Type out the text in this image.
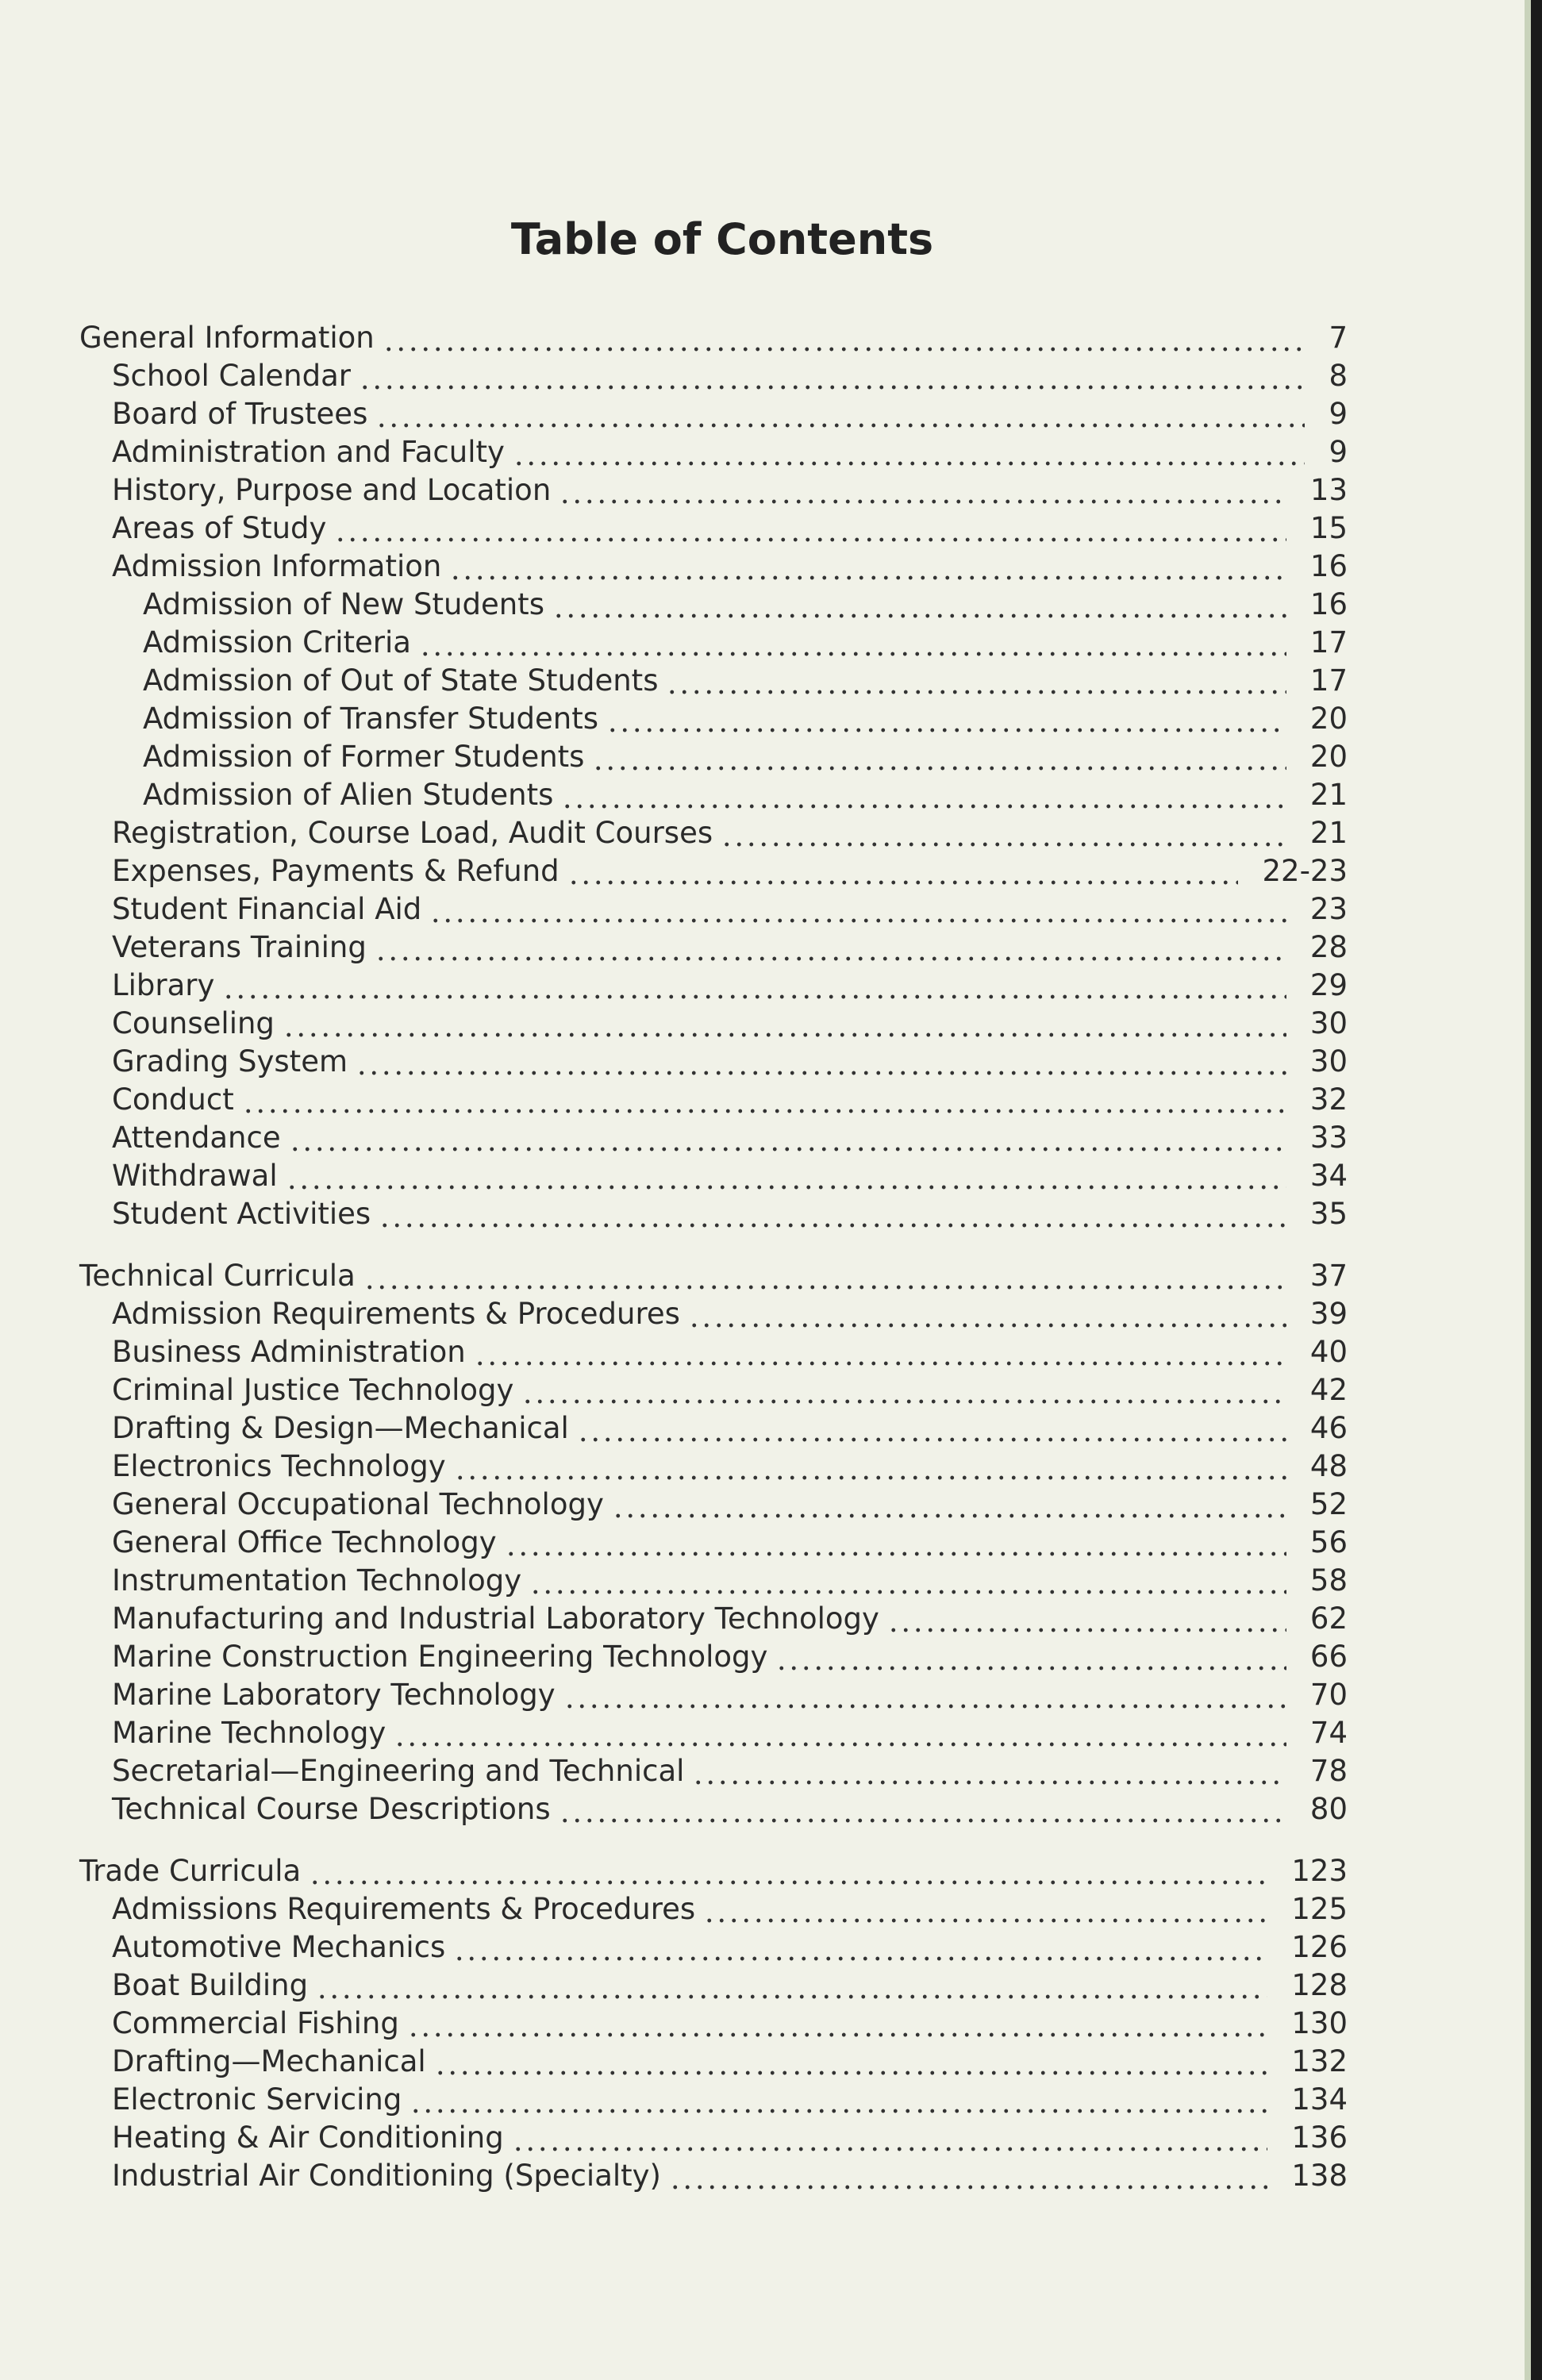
Table of Contents
General Information	7
School Calendar	8
Board of Trustees	9
Administration and Faculty	9
History, Purpose and Location	13
Areas of Study	15
Admission Information	16
Admission of New Students	16
Admission Criteria	17
Admission of Out of State Students	17
Admission of Transfer Students	20
Admission of Former Students	20
Admission of Alien Students	21
Registration, Course Load, Audit Courses	21
Expenses, Payments & Refund	22-23
Student Financial Aid	23
Veterans Training	28
Library	29
Counseling	30
Grading System	30
Conduct	32
Attendance	33
Withdrawal	34
Student Activities	35
Technical Curricula	37
Admission Requirements & Procedures	39
Business Administration	40
Criminal Justice Technology	42
Drafting & Design—Mechanical	46
Electronics Technology	48
General Occupational Technology	52
General Office Technology	56
Instrumentation Technology	58
Manufacturing and Industrial Laboratory Technology	62
Marine Construction Engineering Technology	66
Marine Laboratory Technology	70
Marine Technology	74
Secretarial—Engineering and Technical	78
Technical Course Descriptions	80
Trade Curricula	123
Admissions Requirements & Procedures	125
Automotive Mechanics	126
Boat Building	128
Commercial Fishing	130
Drafting—Mechanical	132
Electronic Servicing	134
Heating & Air Conditioning	136
Industrial Air Conditioning (Specialty)	138
